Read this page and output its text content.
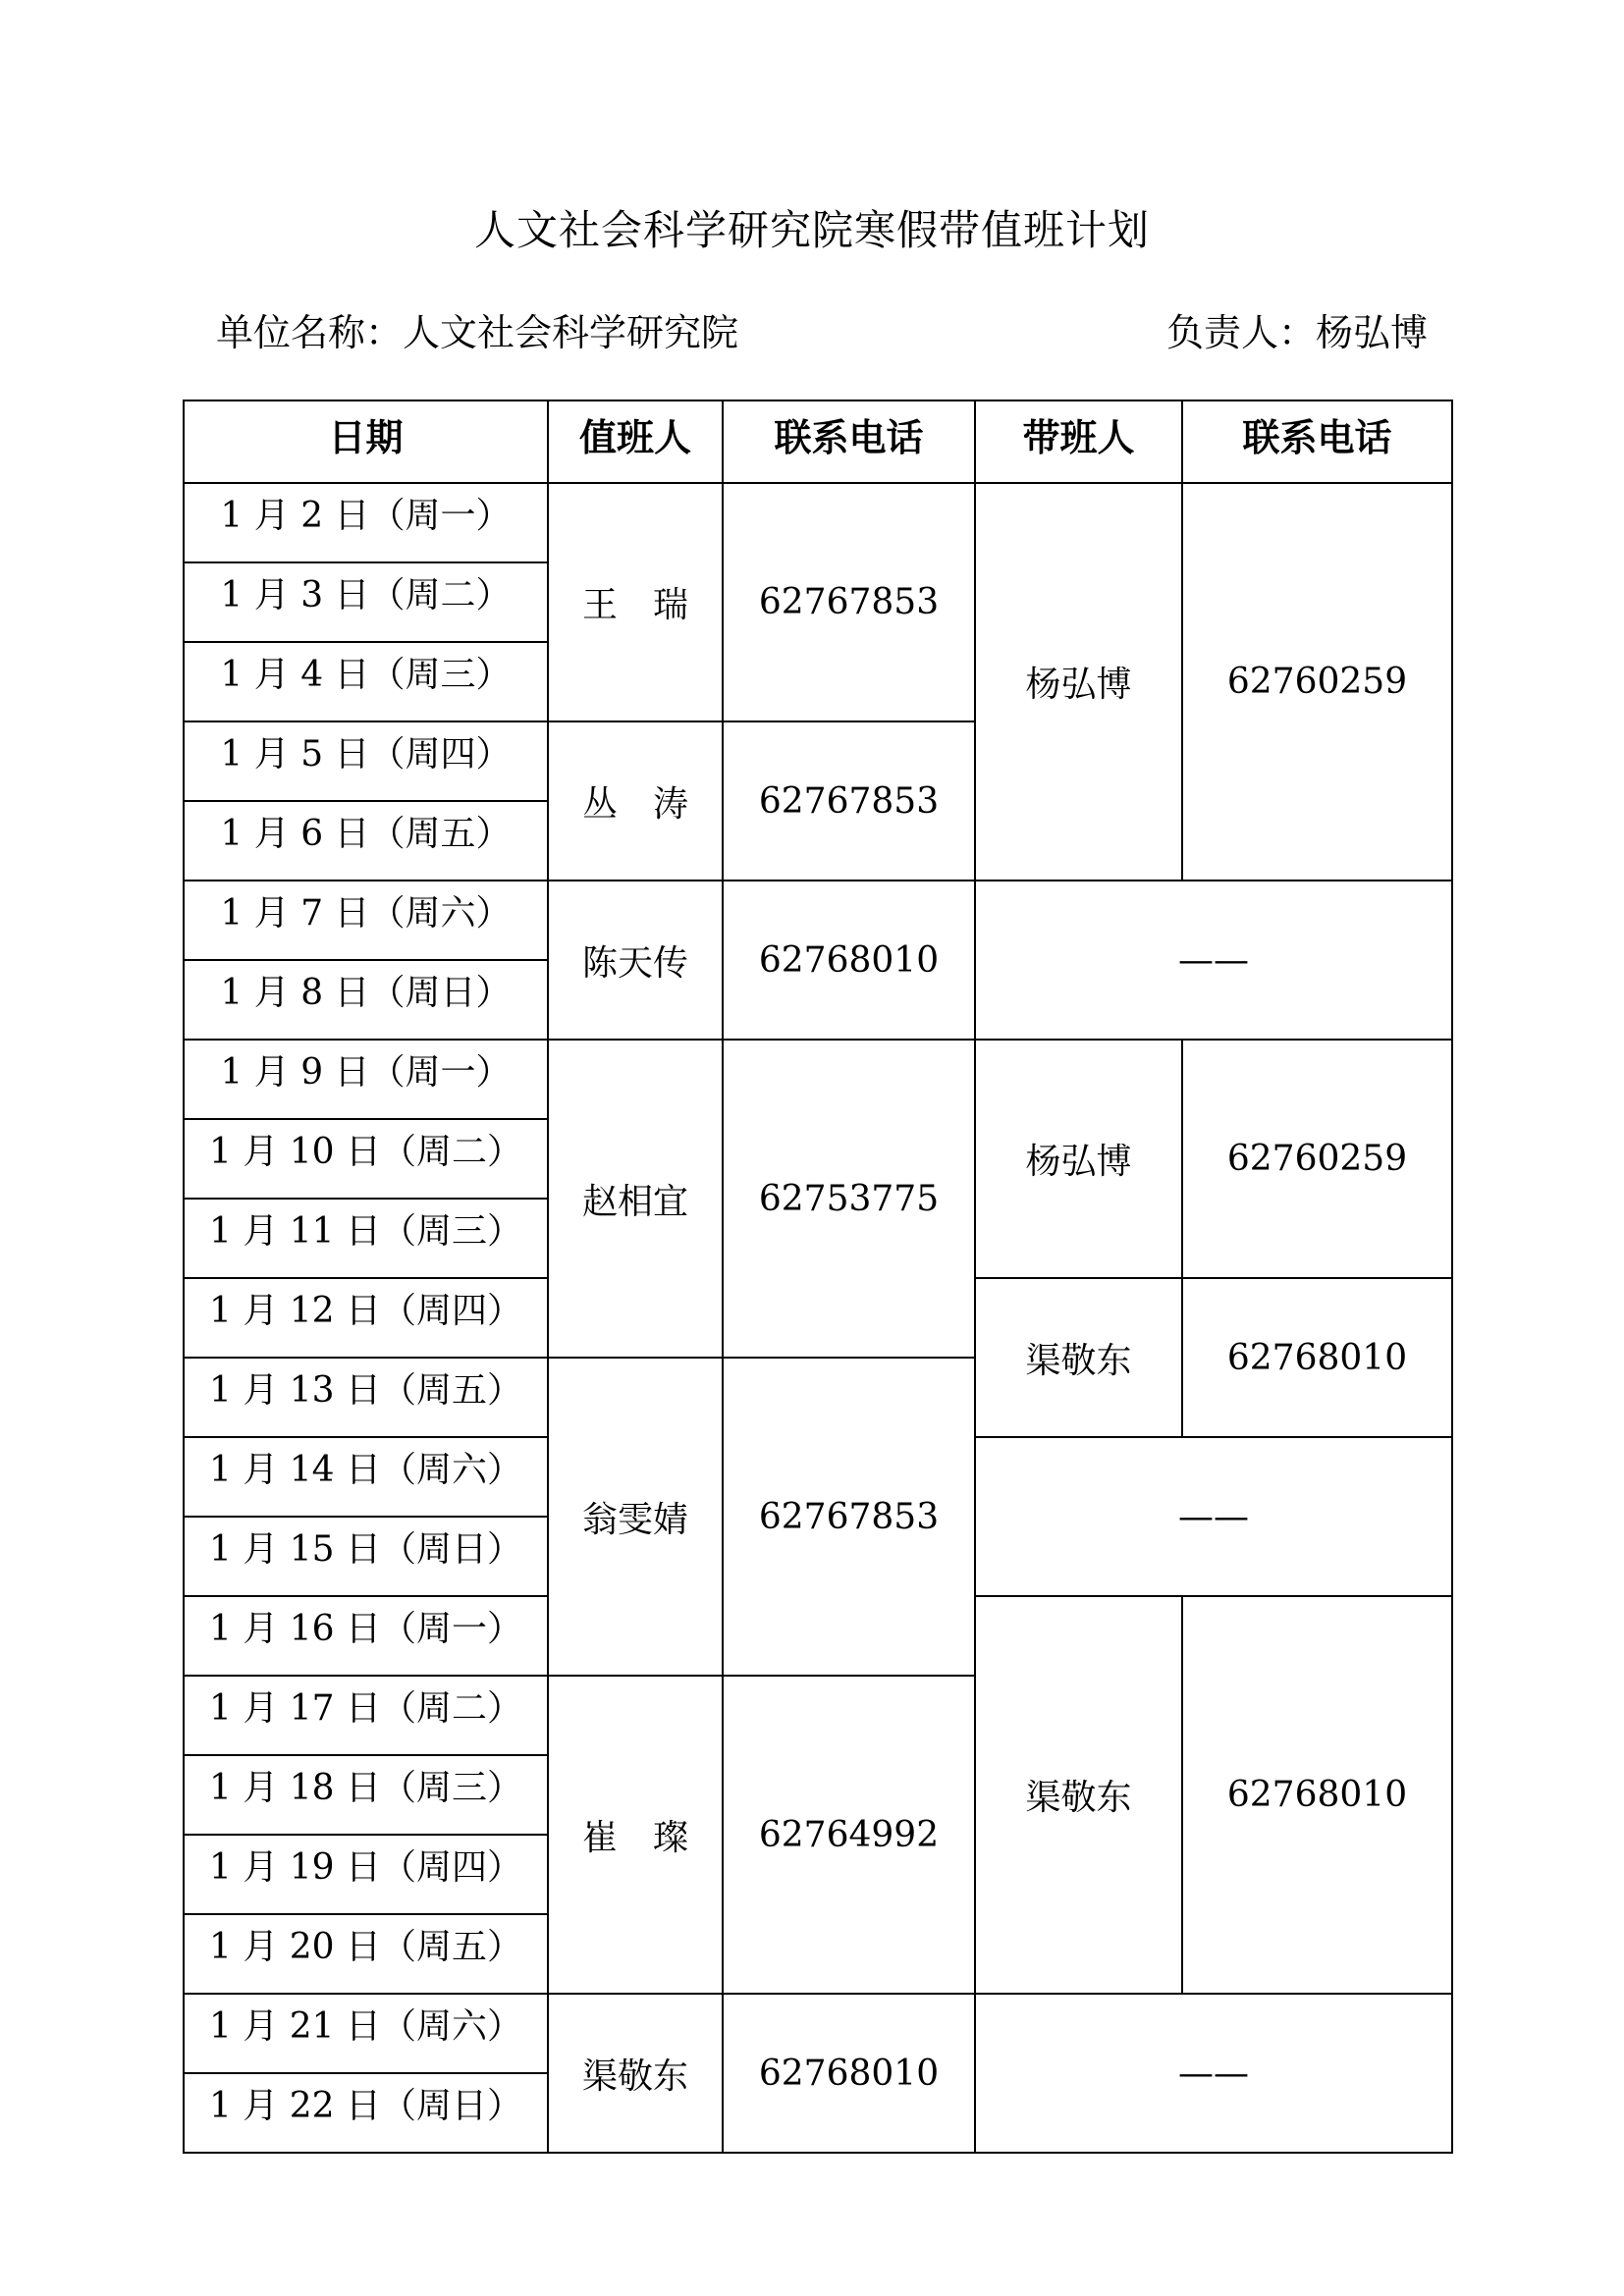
人文社会科学研究院寒假带值班计划
单位名称：人文社会科学研究院	负责人：杨弘博
日期	值班人	联系电话	带班人	联系电话
1 月 2 日（周一）	王　瑞	62767853	杨弘博	62760259
1 月 3 日（周二）				
1 月 4 日（周三）				
1 月 5 日（周四）	丛　涛	62767853		
1 月 6 日（周五）				
1 月 7 日（周六）	陈天传	62768010	——	
1 月 8 日（周日）				
1 月 9 日（周一）	赵相宜	62753775	杨弘博	62760259
1 月 10 日（周二）				
1 月 11 日（周三）				
1 月 12 日（周四）			渠敬东	62768010
1 月 13 日（周五）	翁雯婧	62767853		
1 月 14 日（周六）			——	
1 月 15 日（周日）				
1 月 16 日（周一）			渠敬东	62768010
1 月 17 日（周二）	崔　璨	62764992		
1 月 18 日（周三）				
1 月 19 日（周四）				
1 月 20 日（周五）				
1 月 21 日（周六）	渠敬东	62768010	——	
1 月 22 日（周日）				
